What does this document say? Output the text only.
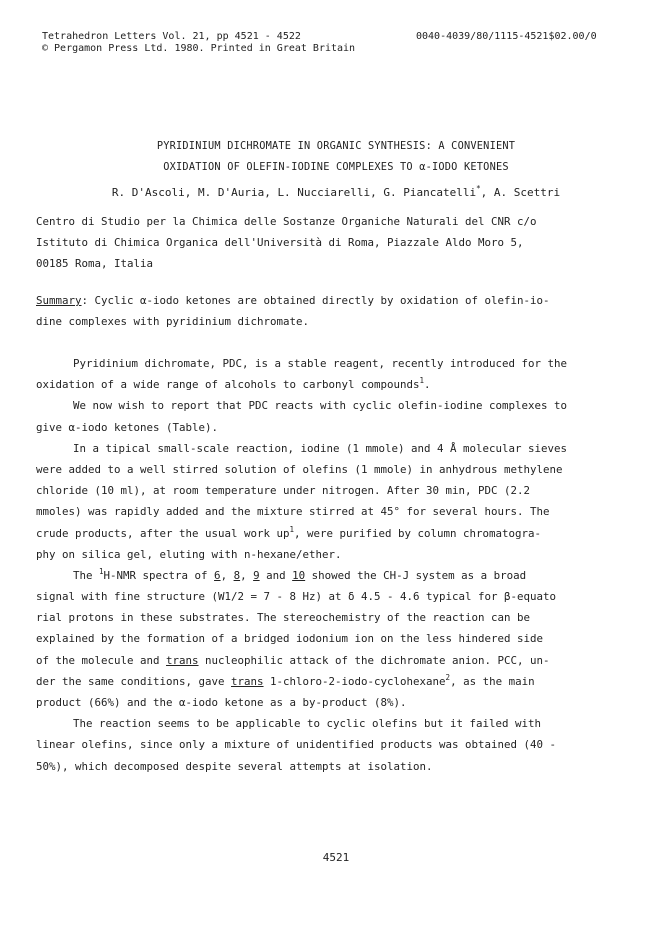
Tetrahedron Letters Vol. 21, pp 4521 - 4522
© Pergamon Press Ltd. 1980. Printed in Great Britain
0040-4039/80/1115-4521$02.00/0
PYRIDINIUM DICHROMATE IN ORGANIC SYNTHESIS: A CONVENIENT
OXIDATION OF OLEFIN-IODINE COMPLEXES TO α-IODO KETONES
R. D'Ascoli, M. D'Auria, L. Nucciarelli, G. Piancatelli*, A. Scettri
Centro di Studio per la Chimica delle Sostanze Organiche Naturali del CNR c/o
Istituto di Chimica Organica dell'Università di Roma, Piazzale Aldo Moro 5,
00185 Roma, Italia
Summary: Cyclic α-iodo ketones are obtained directly by oxidation of olefin-io-
dine complexes with pyridinium dichromate.
Pyridinium dichromate, PDC, is a stable reagent, recently introduced for the
oxidation of a wide range of alcohols to carbonyl compounds$^1$.
We now wish to report that PDC reacts with cyclic olefin-iodine complexes to
give α-iodo ketones (Table).
In a tipical small-scale reaction, iodine (1 mmole) and 4 Å molecular sieves
were added to a well stirred solution of olefins (1 mmole) in anhydrous methylene
chloride (10 ml), at room temperature under nitrogen. After 30 min, PDC (2.2
mmoles) was rapidly added and the mixture stirred at 45° for several hours. The
crude products, after the usual work $up^1$, were purified by column chromatogra-
phy on silica gel, eluting with n-hexane/ether.
The $^1$H-NMR spectra of 6, 8, 9 and 10 showed the CH-J system as a broad
signal with fine structure (W1/2 = 7 - 8 Hz) at δ 4.5 - 4.6 typical for β-equato
rial protons in these substrates. The stereochemistry of the reaction can be
explained by the formation of a bridged iodonium ion on the less hindered side
of the molecule and trans nucleophilic attack of the dichromate anion. PCC, un-
der the same conditions, gave trans 1-chloro-2-iodo-cyclohexane$^2$, as the main
product (66%) and the α-iodo ketone as a by-product (8%).
The reaction seems to be applicable to cyclic olefins but it failed with
linear olefins, since only a mixture of unidentified products was obtained (40 -
50%), which decomposed despite several attempts at isolation.
4521
